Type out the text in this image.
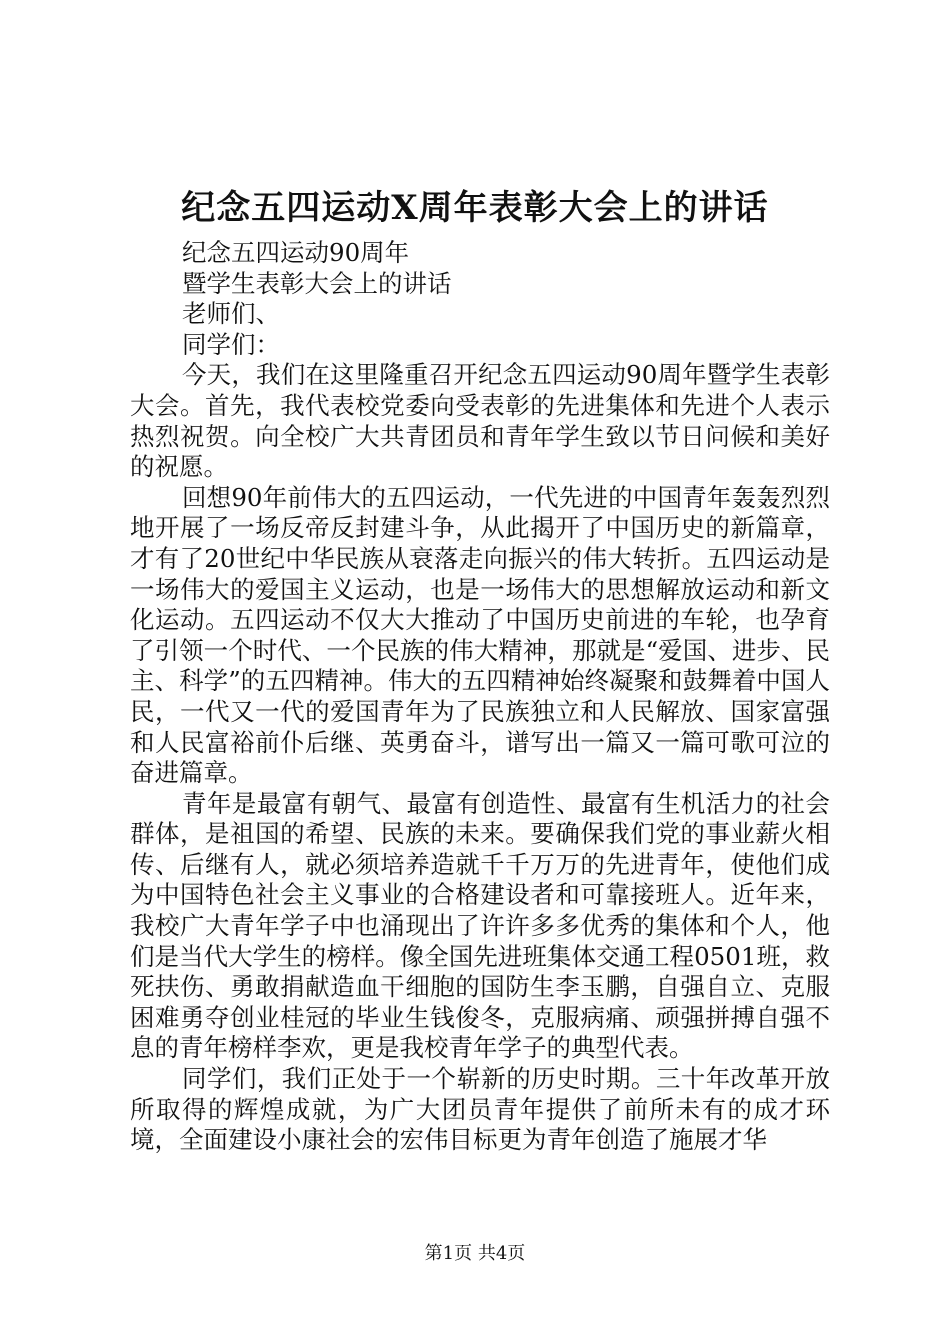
纪念五四运动X周年表彰大会上的讲话
纪念五四运动90周年
暨学生表彰大会上的讲话
老师们、
同学们：

今天，我们在这里隆重召开纪念五四运动90周年暨学生表彰大会。首先，我代表校党委向受表彰的先进集体和先进个人表示热烈祝贺。向全校广大共青团员和青年学生致以节日问候和美好的祝愿。

回想90年前伟大的五四运动，一代先进的中国青年轰轰烈烈地开展了一场反帝反封建斗争，从此揭开了中国历史的新篇章，才有了20世纪中华民族从衰落走向振兴的伟大转折。五四运动是一场伟大的爱国主义运动，也是一场伟大的思想解放运动和新文化运动。五四运动不仅大大推动了中国历史前进的车轮，也孕育了引领一个时代、一个民族的伟大精神，那就是“爱国、进步、民主、科学”的五四精神。伟大的五四精神始终凝聚和鼓舞着中国人民，一代又一代的爱国青年为了民族独立和人民解放、国家富强和人民富裕前仆后继、英勇奋斗，谱写出一篇又一篇可歌可泣的奋进篇章。

青年是最富有朝气、最富有创造性、最富有生机活力的社会群体，是祖国的希望、民族的未来。要确保我们党的事业薪火相传、后继有人，就必须培养造就千千万万的先进青年，使他们成为中国特色社会主义事业的合格建设者和可靠接班人。近年来，我校广大青年学子中也涌现出了许许多多优秀的集体和个人，他们是当代大学生的榜样。像全国先进班集体交通工程0501班，救死扶伤、勇敢捐献造血干细胞的国防生李玉鹏，自强自立、克服困难勇夺创业桂冠的毕业生钱俊冬，克服病痛、顽强拼搏自强不息的青年榜样李欢，更是我校青年学子的典型代表。

同学们，我们正处于一个崭新的历史时期。三十年改革开放所取得的辉煌成就，为广大团员青年提供了前所未有的成才环境，全面建设小康社会的宏伟目标更为青年创造了施展才华

第1页 共4页
